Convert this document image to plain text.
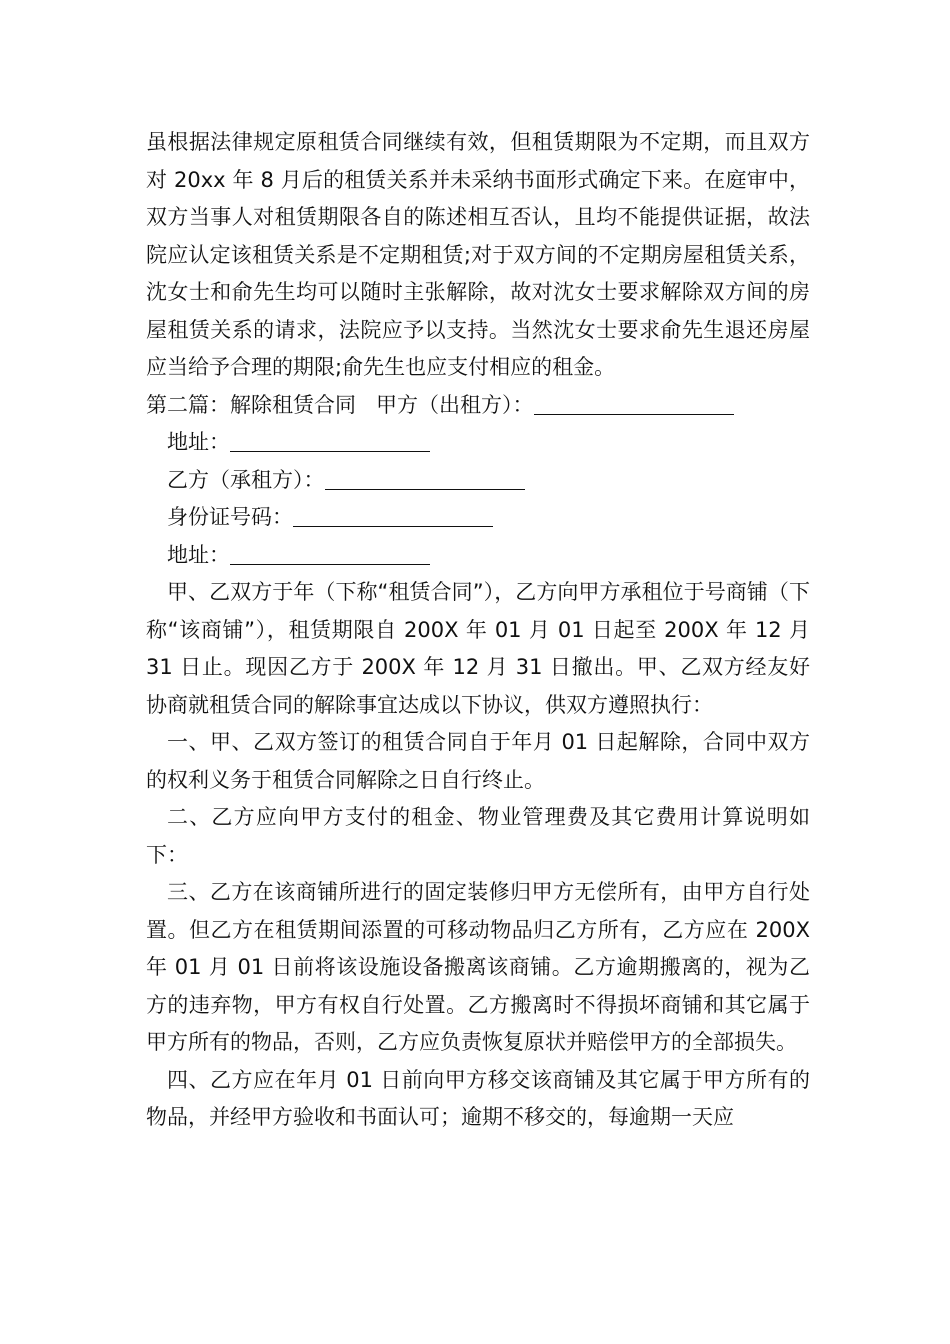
虽根据法律规定原租赁合同继续有效，但租赁期限为不定期，而且双方对 20xx 年 8 月后的租赁关系并未采纳书面形式确定下来。在庭审中，双方当事人对租赁期限各自的陈述相互否认，且均不能提供证据，故法院应认定该租赁关系是不定期租赁;对于双方间的不定期房屋租赁关系，沈女士和俞先生均可以随时主张解除，故对沈女士要求解除双方间的房屋租赁关系的请求，法院应予以支持。当然沈女士要求俞先生退还房屋应当给予合理的期限;俞先生也应支付相应的租金。

第二篇：解除租赁合同 甲方（出租方）：

地址：

乙方（承租方）：

身份证号码：

地址：

甲、乙双方于年（下称“租赁合同”），乙方向甲方承租位于号商铺（下称“该商铺”），租赁期限自 200X 年 01 月 01 日起至 200X 年 12 月 31 日止。现因乙方于 200X 年 12 月 31 日撤出。甲、乙双方经友好协商就租赁合同的解除事宜达成以下协议，供双方遵照执行：

一、甲、乙双方签订的租赁合同自于年月 01 日起解除，合同中双方的权利义务于租赁合同解除之日自行终止。

二、乙方应向甲方支付的租金、物业管理费及其它费用计算说明如下：

三、乙方在该商铺所进行的固定装修归甲方无偿所有，由甲方自行处置。但乙方在租赁期间添置的可移动物品归乙方所有，乙方应在 200X 年 01 月 01 日前将该设施设备搬离该商铺。乙方逾期搬离的，视为乙方的违弃物，甲方有权自行处置。乙方搬离时不得损坏商铺和其它属于甲方所有的物品，否则，乙方应负责恢复原状并赔偿甲方的全部损失。

四、乙方应在年月 01 日前向甲方移交该商铺及其它属于甲方所有的物品，并经甲方验收和书面认可；逾期不移交的，每逾期一天应
